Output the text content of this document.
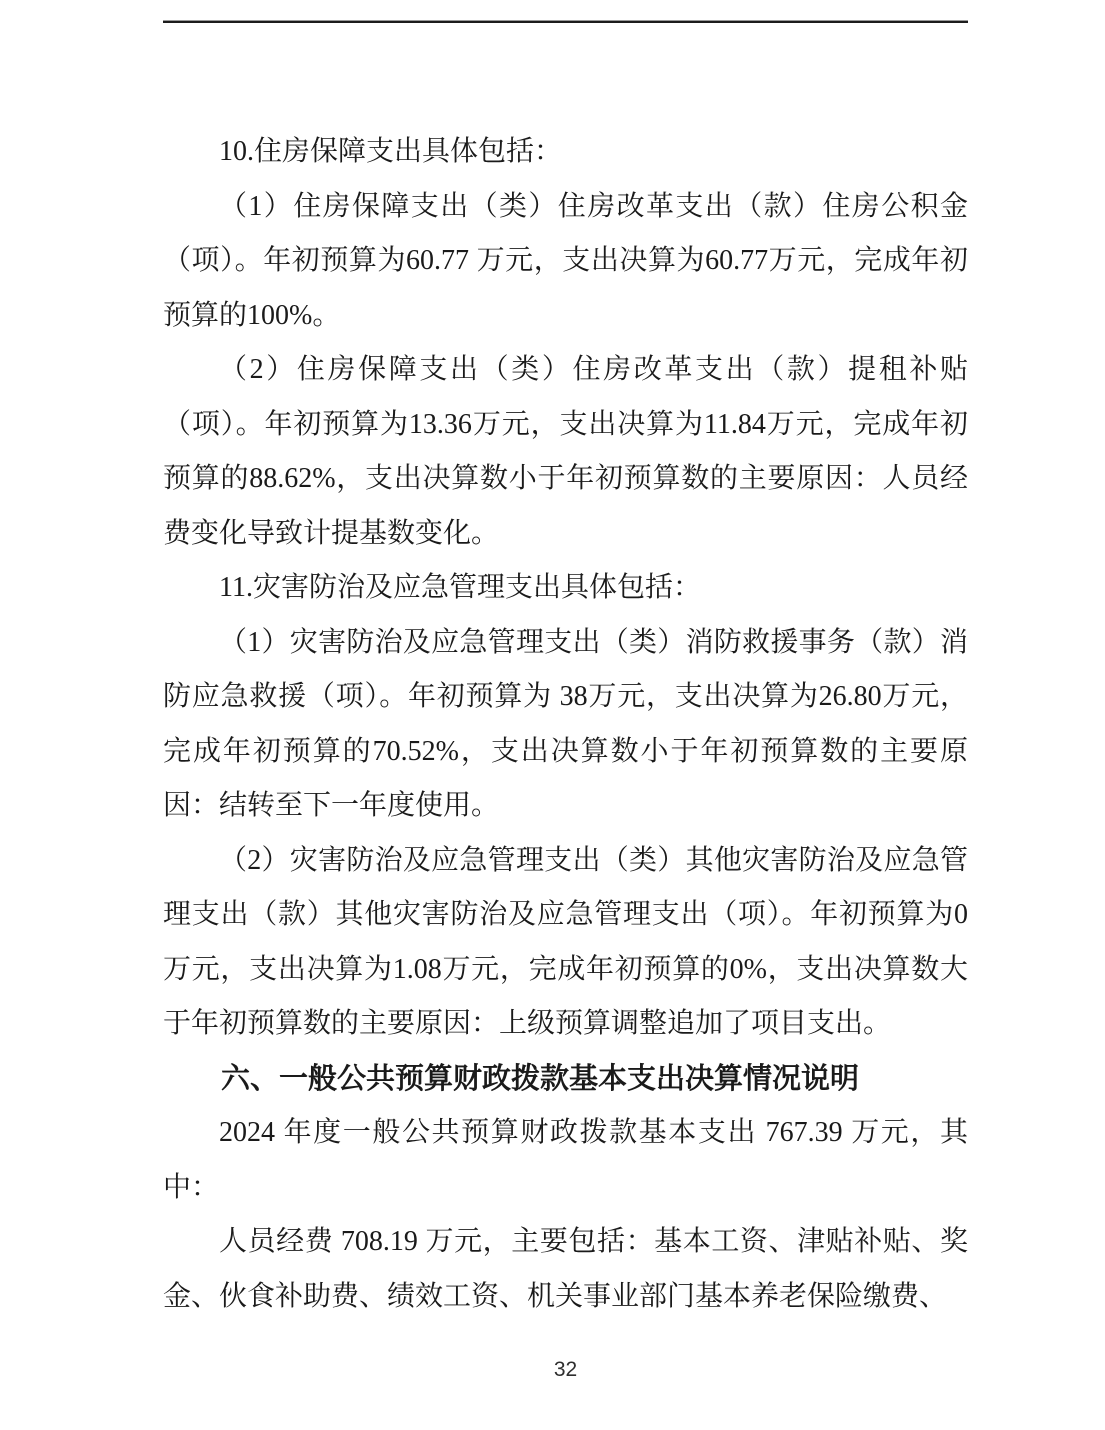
10.住房保障支出具体包括：

（1）住房保障支出（类）住房改革支出（款）住房公积金（项）。年初预算为60.77 万元，支出决算为60.77万元，完成年初预算的100%。

（2）住房保障支出（类）住房改革支出（款）提租补贴（项）。年初预算为13.36万元，支出决算为11.84万元，完成年初预算的88.62%，支出决算数小于年初预算数的主要原因：人员经费变化导致计提基数变化。

11.灾害防治及应急管理支出具体包括：

（1）灾害防治及应急管理支出（类）消防救援事务（款）消防应急救援（项）。年初预算为 38万元，支出决算为26.80万元，完成年初预算的70.52%，支出决算数小于年初预算数的主要原因：结转至下一年度使用。

（2）灾害防治及应急管理支出（类）其他灾害防治及应急管理支出（款）其他灾害防治及应急管理支出（项）。年初预算为0万元，支出决算为1.08万元，完成年初预算的0%，支出决算数大于年初预算数的主要原因：上级预算调整追加了项目支出。

六、一般公共预算财政拨款基本支出决算情况说明

2024 年度一般公共预算财政拨款基本支出 767.39 万元，其中：

人员经费 708.19 万元，主要包括：基本工资、津贴补贴、奖金、伙食补助费、绩效工资、机关事业部门基本养老保险缴费、

32
